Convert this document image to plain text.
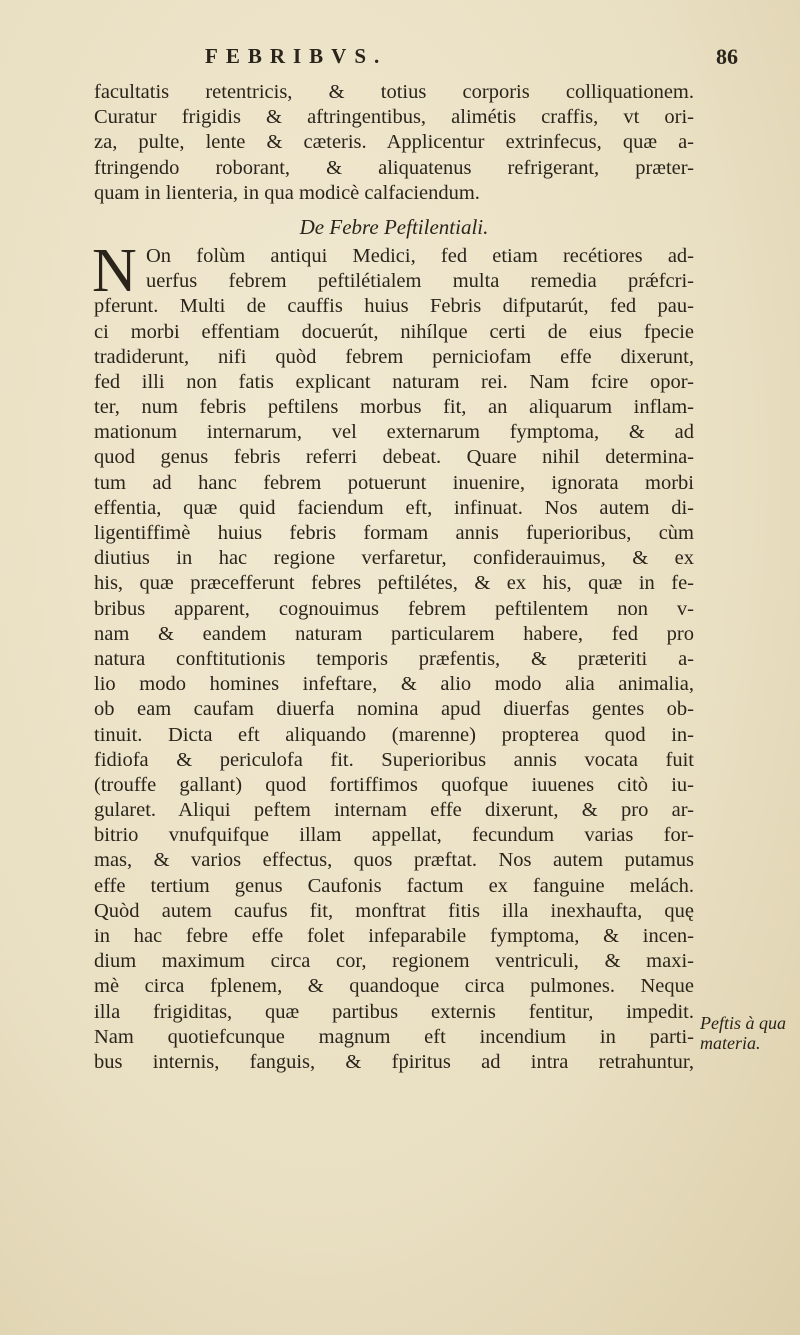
FEBRIBVS.	86
facultatis retentricis, & totius corporis colliquationem.
Curatur frigidis & aftringentibus, alimétis craffis, vt ori-
za, pulte, lente & cæteris. Applicentur extrinfecus, quæ a-
ftringendo roborant, & aliquatenus refrigerant, præter-
quam in lienteria, in qua modicè calfaciendum.
De Febre Peftilentiali.
N On folùm antiqui Medici, fed etiam recétiores ad-
uerfus febrem peftilétialem multa remedia prǽfcri-
pferunt. Multi de cauffis huius Febris difputarút, fed pau-
ci morbi effentiam docuerút, nihílque certi de eius fpecie
tradiderunt, nifi quòd febrem perniciofam effe dixerunt,
fed illi non fatis explicant naturam rei. Nam fcire opor-
ter, num febris peftilens morbus fit, an aliquarum inflam-
mationum internarum, vel externarum fymptoma, & ad
quod genus febris referri debeat. Quare nihil determina-
tum ad hanc febrem potuerunt inuenire, ignorata morbi
effentia, quæ quid faciendum eft, infinuat. Nos autem di-
ligentiffimè huius febris formam annis fuperioribus, cùm
diutius in hac regione verfaretur, confiderauimus, & ex
his, quæ præcefferunt febres peftilétes, & ex his, quæ in fe-
bribus apparent, cognouimus febrem peftilentem non v-
nam & eandem naturam particularem habere, fed pro
natura conftitutionis temporis præfentis, & præteriti a-
lio modo homines infeftare, & alio modo alia animalia,
ob eam caufam diuerfa nomina apud diuerfas gentes ob-
tinuit. Dicta eft aliquando (marenne) propterea quod in-
fidiofa & periculofa fit. Superioribus annis vocata fuit
(trouffe gallant) quod fortiffimos quofque iuuenes citò iu-
gularet. Aliqui peftem internam effe dixerunt, & pro ar-
bitrio vnufquifque illam appellat, fecundum varias for-
mas, & varios effectus, quos præftat. Nos autem putamus
effe tertium genus Caufonis factum ex fanguine melách.
Quòd autem caufus fit, monftrat fitis illa inexhaufta, quę
in hac febre effe folet infeparabile fymptoma, & incen-
dium maximum circa cor, regionem ventriculi, & maxi-
mè circa fplenem, & quandoque circa pulmones. Neque
illa frigiditas, quæ partibus externis fentitur, impedit.
Nam quotiefcunque magnum eft incendium in parti-
bus internis, fanguis, & fpiritus ad intra retrahuntur,
Peftis à qua
materia.
